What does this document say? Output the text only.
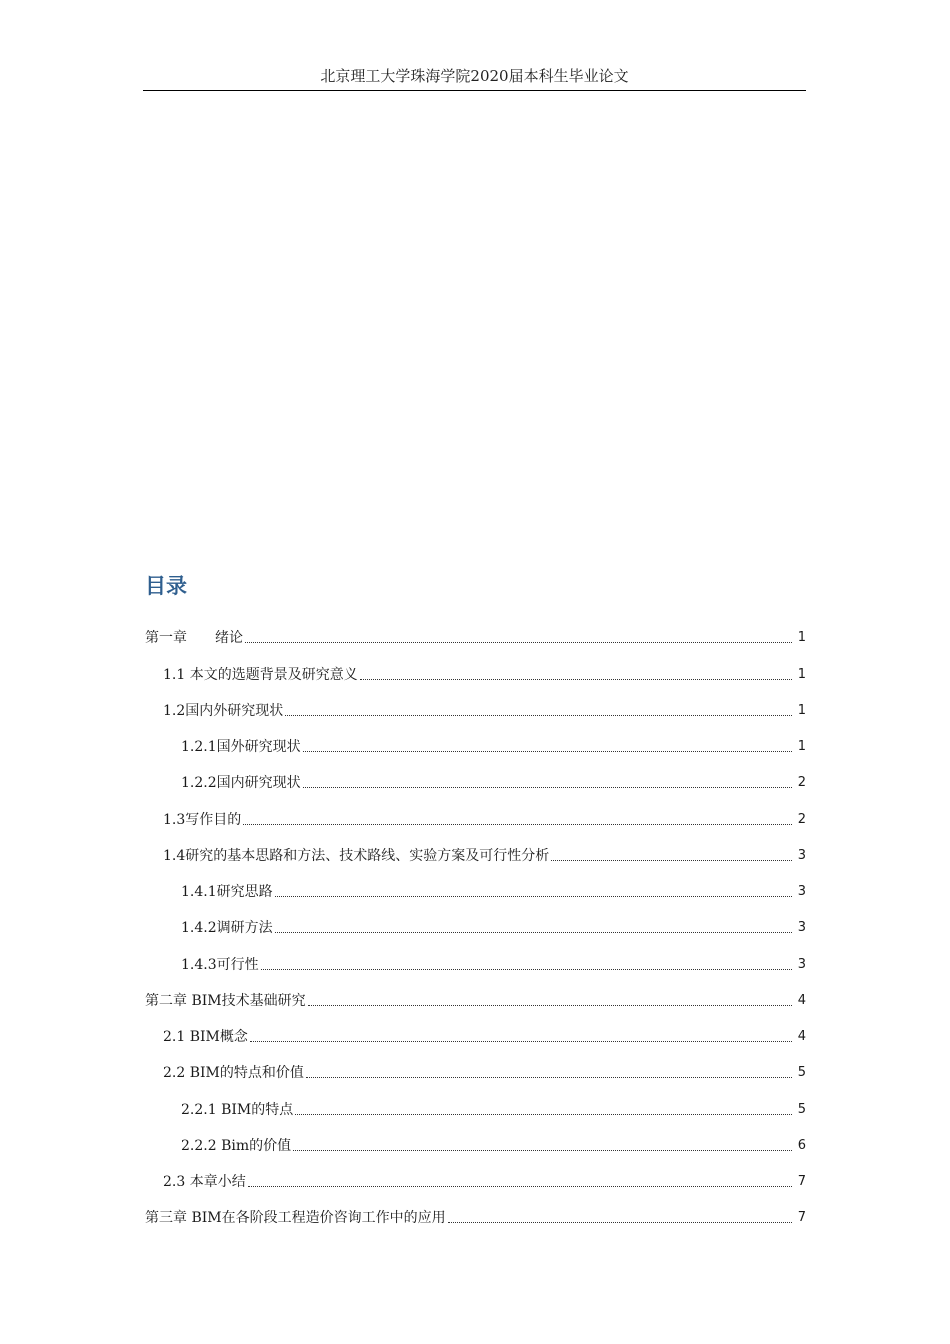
北京理工大学珠海学院2020届本科生毕业论文
目录
第一章　　绪论	1
1.1 本文的选题背景及研究意义	1
1.2国内外研究现状	1
1.2.1国外研究现状	1
1.2.2国内研究现状	2
1.3写作目的	2
1.4研究的基本思路和方法、技术路线、实验方案及可行性分析	3
1.4.1研究思路	3
1.4.2调研方法	3
1.4.3可行性	3
第二章 BIM技术基础研究	4
2.1 BIM概念	4
2.2 BIM的特点和价值	5
2.2.1 BIM的特点	5
2.2.2 Bim的价值	6
2.3 本章小结	7
第三章 BIM在各阶段工程造价咨询工作中的应用	7
